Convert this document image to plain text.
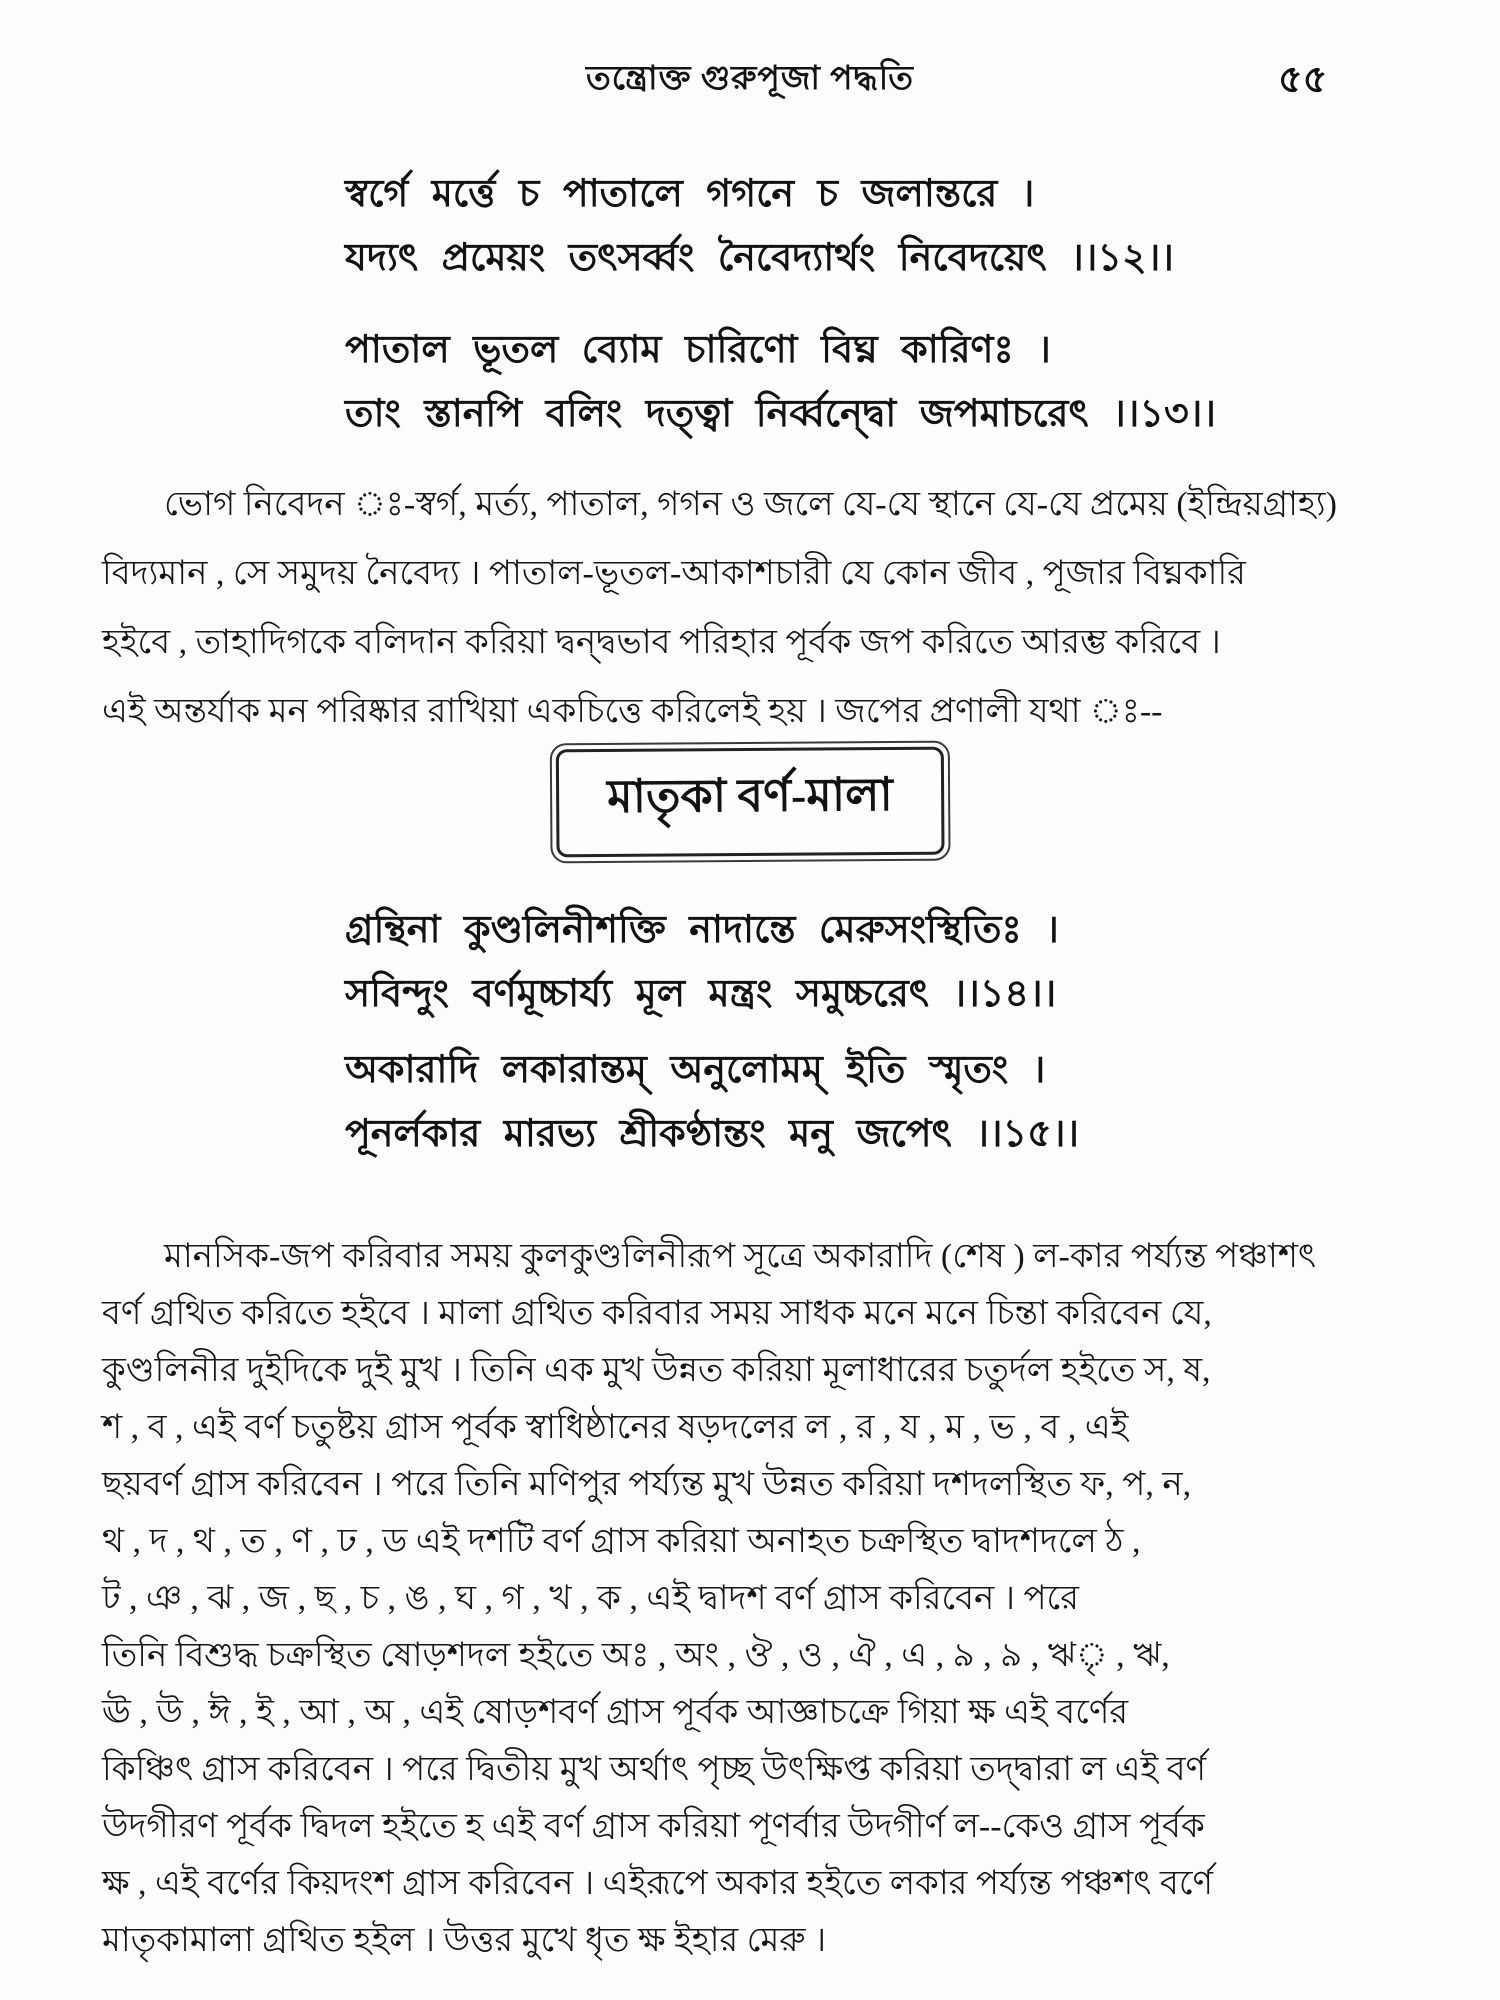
তন্ত্রোক্ত গুরুপূজা পদ্ধতি	৫৫
স্বর্গে মর্ত্তে চ পাতালে গগনে চ জলান্তরে ।
যদ্যৎ প্রমেয়ং তৎসর্ব্বং নৈবেদ্যার্থং নিবেদয়েৎ ।।১২।।
পাতাল ভূতল ব্যোম চারিণো বিঘ্ন কারিণঃ ।
তাং স্তানপি বলিং দত্ত্বা নির্ব্বন্দ্বো জপমাচরেৎ ।।১৩।।
ভোগ নিবেদন ঃ-স্বর্গ, মর্ত্য, পাতাল, গগন ও জলে যে-যে স্থানে যে-যে প্রমেয় (ইন্দ্রিয়গ্রাহ্য)
বিদ্যমান , সে সমুদয় নৈবেদ্য । পাতাল-ভূতল-আকাশচারী যে কোন জীব , পূজার বিঘ্নকারি
হইবে , তাহাদিগকে বলিদান করিয়া দ্বন্দ্বভাব পরিহার পূর্বক জপ করিতে আরম্ভ করিবে ।
এই অন্তর্যাক মন পরিষ্কার রাখিয়া একচিত্তে করিলেই হয় । জপের প্রণালী যথা ঃ--
মাতৃকা বর্ণ-মালা
গ্রন্থিনা কুণ্ডলিনীশক্তি নাদান্তে মেরুসংস্থিতিঃ ।
সবিন্দুং বর্ণমূচ্চার্য্য মূল মন্ত্রং সমুচ্চরেৎ ।।১৪।।
অকারাদি লকারান্তম্ অনুলোমম্ ইতি স্মৃতং ।
পূনর্লকার মারভ্য শ্রীকণ্ঠান্তং মনু জপেৎ ।।১৫।।
মানসিক-জপ করিবার সময় কুলকুণ্ডলিনীরূপ সূত্রে অকারাদি (শেষ ) ল-কার পর্য্যন্ত পঞ্চাশৎ
বর্ণ গ্রথিত করিতে হইবে । মালা গ্রথিত করিবার সময় সাধক মনে মনে চিন্তা করিবেন যে,
কুণ্ডলিনীর দুইদিকে দুই মুখ । তিনি এক মুখ উন্নত করিয়া মূলাধারের চতুর্দল হইতে স, ষ,
শ , ব , এই বর্ণ চতুষ্টয় গ্রাস পূর্বক স্বাধিষ্ঠানের ষড়দলের ল , র , য , ম , ভ , ব , এই
ছয়বর্ণ গ্রাস করিবেন । পরে তিনি মণিপুর পর্য্যন্ত মুখ উন্নত করিয়া দশদলস্থিত ফ, প, ন,
থ , দ , থ , ত , ণ , ঢ , ড এই দশটি বর্ণ গ্রাস করিয়া অনাহত চক্রস্থিত দ্বাদশদলে ঠ ,
ট , ঞ , ঝ , জ , ছ , চ , ঙ , ঘ , গ , খ , ক , এই দ্বাদশ বর্ণ গ্রাস করিবেন । পরে
তিনি বিশুদ্ধ চক্রস্থিত ষোড়শদল হইতে অঃ , অং , ঔ , ও , ঐ , এ , ৯ , ৯ , ঋৃ , ঋ,
ঊ , উ , ঈ , ই , আ , অ , এই ষোড়শবর্ণ গ্রাস পূর্বক আজ্ঞাচক্রে গিয়া ক্ষ এই বর্ণের
কিঞ্চিৎ গ্রাস করিবেন । পরে দ্বিতীয় মুখ অর্থাৎ পৃচ্ছ উৎক্ষিপ্ত করিয়া তদ্দ্বারা ল এই বর্ণ
উদগীরণ পূর্বক দ্বিদল হইতে হ এই বর্ণ গ্রাস করিয়া পূণর্বার উদগীর্ণ ল--কেও গ্রাস পূর্বক
ক্ষ , এই বর্ণের কিয়দংশ গ্রাস করিবেন । এইরূপে অকার হইতে লকার পর্য্যন্ত পঞ্চশৎ বর্ণে
মাতৃকামালা গ্রথিত হইল । উত্তর মুখে ধৃত ক্ষ ইহার মেরু ।
